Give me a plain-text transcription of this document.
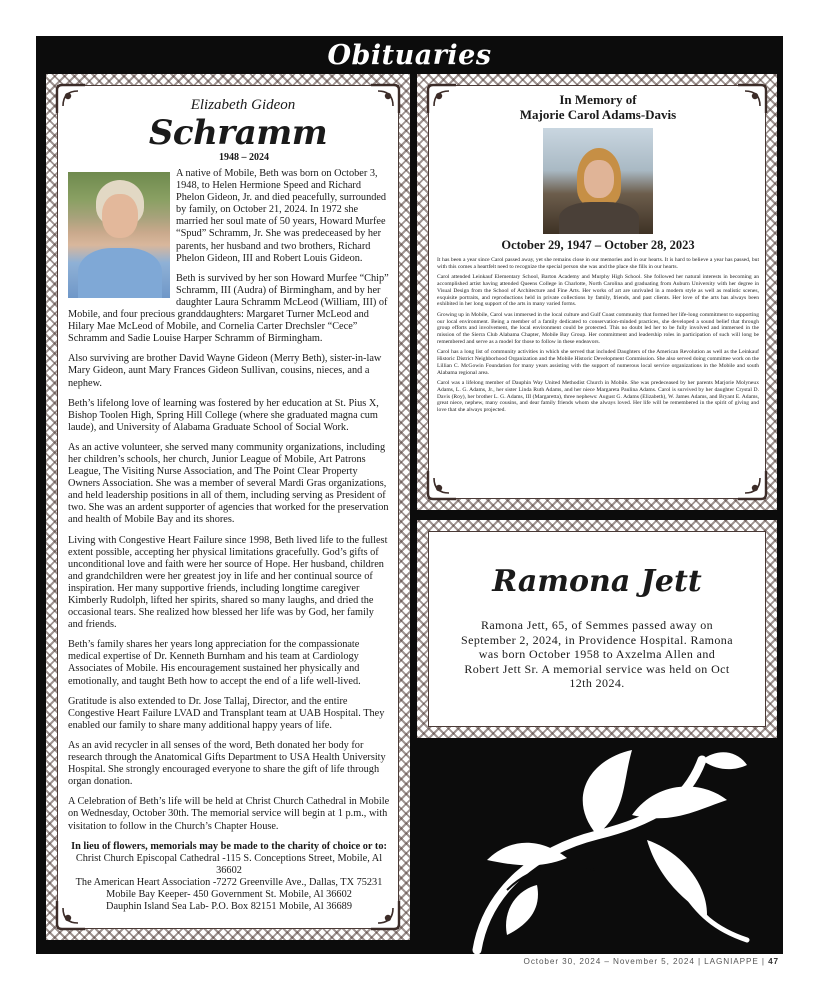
Obituaries
Elizabeth Gideon
Schramm
1948 – 2024

A native of Mobile, Beth was born on October 3, 1948, to Helen Hermione Speed and Richard Phelon Gideon, Jr. and died peacefully, surrounded by family, on October 21, 2024. In 1972 she married her soul mate of 50 years, Howard Murfee “Spud” Schramm, Jr. She was predeceased by her parents, her husband and two brothers, Richard Phelon Gideon, III and Robert Louis Gideon.

Beth is survived by her son Howard Murfee “Chip” Schramm, III (Audra) of Birmingham, and by her daughter Laura Schramm McLeod (William, III) of Mobile, and four precious granddaughters: Margaret Turner McLeod and Hilary Mae McLeod of Mobile, and Cornelia Carter Drechsler “Cece” Schramm and Sadie Louise Harper Schramm of Birmingham.

Also surviving are brother David Wayne Gideon (Merry Beth), sister-in-law Mary Gideon, aunt Mary Frances Gideon Sullivan, cousins, nieces, and a nephew.

Beth’s lifelong love of learning was fostered by her education at St. Pius X, Bishop Toolen High, Spring Hill College (where she graduated magna cum laude), and University of Alabama Graduate School of Social Work.

As an active volunteer, she served many community organizations, including her children’s schools, her church, Junior League of Mobile, Art Patrons League, The Visiting Nurse Association, and The Point Clear Property Owners Association. She was a member of several Mardi Gras organizations, and held leadership positions in all of them, including serving as President of two. She was an ardent supporter of agencies that worked for the preservation and health of Mobile Bay and its shores.

Living with Congestive Heart Failure since 1998, Beth lived life to the fullest extent possible, accepting her physical limitations gracefully. God’s gifts of unconditional love and faith were her source of Hope. Her husband, children and grandchildren were her greatest joy in life and her continual source of inspiration. Her many supportive friends, including longtime caregiver Kimberly Rudolph, lifted her spirits, shared so many laughs, and dried the occasional tears. She realized how blessed her life was by God, her family and friends.

Beth’s family shares her years long appreciation for the compassionate medical expertise of Dr. Kenneth Burnham and his team at Cardiology Associates of Mobile. His encouragement sustained her physically and emotionally, and taught Beth how to accept the end of a life well-lived.

Gratitude is also extended to Dr. Jose Tallaj, Director, and the entire Congestive Heart Failure LVAD and Transplant team at UAB Hospital. They enabled our family to share many additional happy years of life.

As an avid recycler in all senses of the word, Beth donated her body for research through the Anatomical Gifts Department to USA Health University Hospital. She strongly encouraged everyone to share the gift of life through organ donation.

A Celebration of Beth’s life will be held at Christ Church Cathedral in Mobile on Wednesday, October 30th. The memorial service will begin at 1 p.m., with visitation to follow in the Church’s Chapter House.

In lieu of flowers, memorials may be made to the charity of choice or to:
Christ Church Episcopal Cathedral -115 S. Conceptions Street, Mobile, Al 36602
The American Heart Association -7272 Greenville Ave., Dallas, TX 75231
Mobile Bay Keeper- 450 Government St. Mobile, Al 36602
Dauphin Island Sea Lab- P.O. Box 82151 Mobile, Al 36689
In Memory of
Majorie Carol Adams-Davis
October 29, 1947 – October 28, 2023

It has been a year since Carol passed away, yet she remains close in our memories and in our hearts. It is hard to believe a year has passed, but with this comes a heartfelt need to recognize the special person she was and the place she fills in our hearts.

Carol attended Leinkauf Elementary School, Barton Academy and Murphy High School. She followed her natural interests in becoming an accomplished artist having attended Queens College in Charlotte, North Carolina and graduating from Auburn University with her degree in Visual Design from the School of Architecture and Fine Arts. Her works of art are unrivaled in a modern style as well as realistic scenes, exquisite portraits, and reproductions held in private collections by family, friends, and past clients. Her love of the arts has always been exhibited in her long support of the arts in many varied forms.

Growing up in Mobile, Carol was immersed in the local culture and Gulf Coast community that formed her life-long commitment to supporting our local environment. Being a member of a family dedicated to conservation-minded practices, she developed a sound belief that through group efforts and involvement, the local environment could be protected. This no doubt led her to be fully involved and immersed in the mission of the Sierra Club Alabama Chapter, Mobile Bay Group. Her commitment and leadership roles in participation of such will long be remembered and serve as a model for those to follow in these endeavors.

Carol has a long list of community activities in which she served that included Daughters of the American Revolution as well as the Leinkauf Historic District Neighborhood Organization and the Mobile Historic Development Commission. She also served doing committee work on the Lillian C. McGowin Foundation for many years assisting with the support of numerous local service organizations in the Mobile and south Alabama regional area.

Carol was a lifelong member of Dauphin Way United Methodist Church in Mobile. She was predeceased by her parents Marjorie Molyneux Adams, L. G. Adams, Jr., her sister Linda Ruth Adams, and her niece Margareta Paulina Adams. Carol is survived by her daughter Crystal D. Davis (Roy), her brother L. G. Adams, III (Margaretta), three nephews: August G. Adams (Elizabeth), W. James Adams, and Bryant E. Adams, great niece, nephew, many cousins, and dear family friends whom she always loved. Her life will be remembered in the spirit of giving and love that she always projected.

Ramona Jett
Ramona Jett, 65, of Semmes passed away on September 2, 2024, in Providence Hospital. Ramona was born October 1958 to Axzelma Allen and Robert Jett Sr. A memorial service was held on Oct 12th 2024.
October 30, 2024 – November 5, 2024 | LAGNIAPPE | 47
